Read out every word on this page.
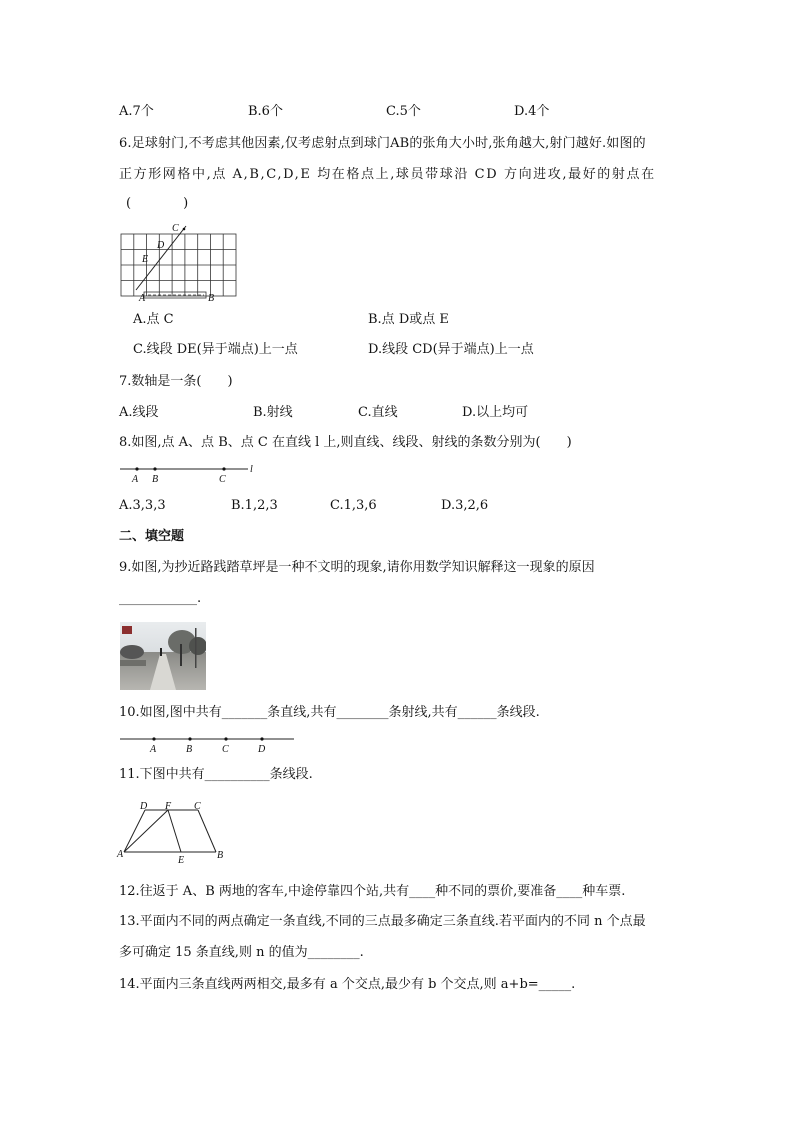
A.7个	B.6个	C.5个	D.4个
6.足球射门,不考虑其他因素,仅考虑射点到球门AB的张角大小时,张角越大,射门越好.如图的
正方形网格中,点 A,B,C,D,E 均在格点上,球员带球沿 CD 方向进攻,最好的射点在
(　　　　)
C
D
E
A	B
A.点 C	B.点 D或点 E
C.线段 DE(异于端点)上一点	D.线段 CD(异于端点)上一点
7.数轴是一条(　　)
A.线段	B.射线	C.直线	D.以上均可
8.如图,点 A、点 B、点 C 在直线 l 上,则直线、线段、射线的条数分别为(　　)
A B	C
l
A.3,3,3	B.1,2,3	C.1,3,6	D.3,2,6
二、填空题
9.如图,为抄近路践踏草坪是一种不文明的现象,请你用数学知识解释这一现象的原因
____________.
10.如图,图中共有_______条直线,共有________条射线,共有______条线段.
A	B	C	D
11.下图中共有__________条线段.
D F C
A
E	B
12.往返于 A、B 两地的客车,中途停靠四个站,共有____种不同的票价,要准备____种车票.
13.平面内不同的两点确定一条直线,不同的三点最多确定三条直线.若平面内的不同 n 个点最
多可确定 15 条直线,则 n 的值为________.
14.平面内三条直线两两相交,最多有 a 个交点,最少有 b 个交点,则 a+b=_____.
